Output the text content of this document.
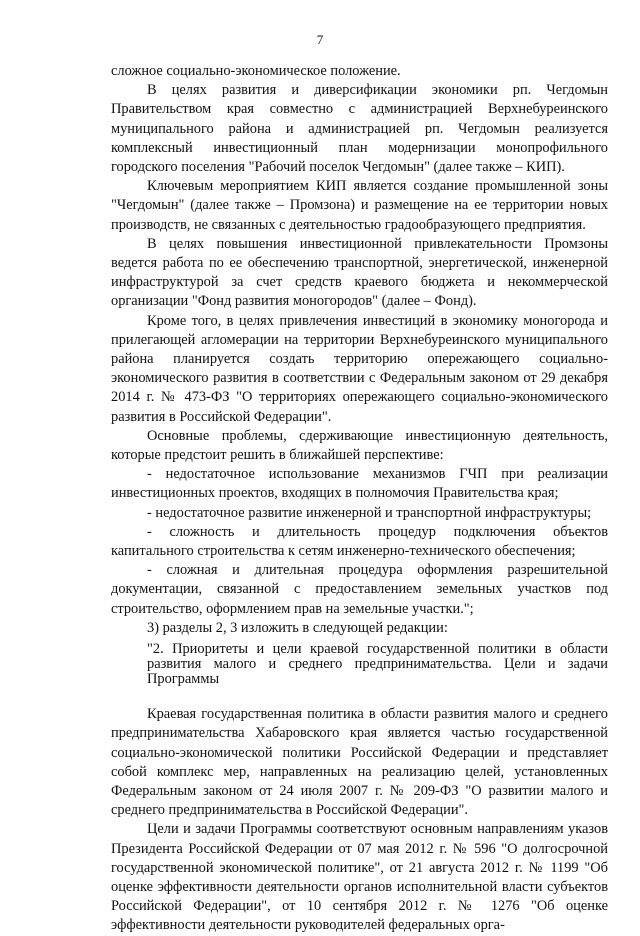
7

сложное социально-экономическое положение.

В целях развития и диверсификации экономики рп. Чегдомын Правительством края совместно с администрацией Верхнебуреинского муниципального района и администрацией рп. Чегдомын реализуется комплексный инвестиционный план модернизации монопрофильного городского поселения "Рабочий поселок Чегдомын" (далее также – КИП).

Ключевым мероприятием КИП является создание промышленной зоны "Чегдомын" (далее также – Промзона) и размещение на ее территории новых производств, не связанных с деятельностью градообразующего предприятия.

В целях повышения инвестиционной привлекательности Промзоны ведется работа по ее обеспечению транспортной, энергетической, инженерной инфраструктурой за счет средств краевого бюджета и некоммерческой организации "Фонд развития моногородов" (далее – Фонд).

Кроме того, в целях привлечения инвестиций в экономику моногорода и прилегающей агломерации на территории Верхнебуреинского муниципального района планируется создать территорию опережающего социально-экономического развития в соответствии с Федеральным законом от 29 декабря 2014 г. № 473-ФЗ "О территориях опережающего социально-экономического развития в Российской Федерации".

Основные проблемы, сдерживающие инвестиционную деятельность, которые предстоит решить в ближайшей перспективе:

- недостаточное использование механизмов ГЧП при реализации инвестиционных проектов, входящих в полномочия Правительства края;

- недостаточное развитие инженерной и транспортной инфраструктуры;

- сложность и длительность процедур подключения объектов капитального строительства к сетям инженерно-технического обеспечения;

- сложная и длительная процедура оформления разрешительной документации, связанной с предоставлением земельных участков под строительство, оформлением прав на земельные участки.";

3) разделы 2, 3 изложить в следующей редакции:

"2. Приоритеты и цели краевой государственной политики в области развития малого и среднего предпринимательства. Цели и задачи Программы

Краевая государственная политика в области развития малого и среднего предпринимательства Хабаровского края является частью государственной социально-экономической политики Российской Федерации и представляет собой комплекс мер, направленных на реализацию целей, установленных Федеральным законом от 24 июля 2007 г. № 209-ФЗ "О развитии малого и среднего предпринимательства в Российской Федерации".

Цели и задачи Программы соответствуют основным направлениям указов Президента Российской Федерации от 07 мая 2012 г. № 596 "О долгосрочной государственной экономической политике", от 21 августа 2012 г. № 1199 "Об оценке эффективности деятельности органов исполнительной власти субъектов Российской Федерации", от 10 сентября 2012 г. № 1276 "Об оценке эффективности деятельности руководителей федеральных орга-
